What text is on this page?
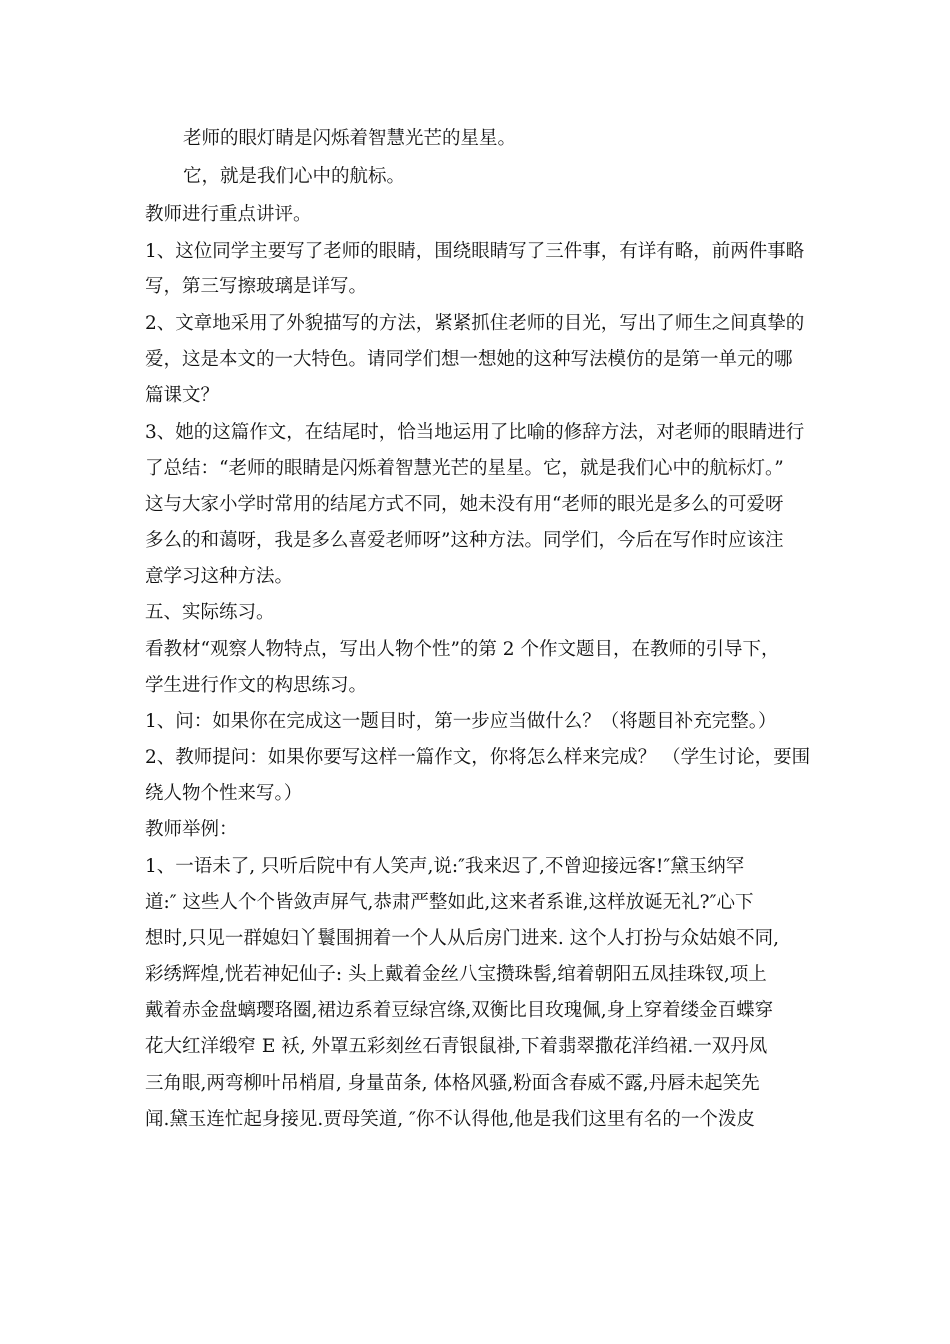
老师的眼灯睛是闪烁着智慧光芒的星星。
它，就是我们心中的航标。
教师进行重点讲评。
1、这位同学主要写了老师的眼睛，围绕眼睛写了三件事，有详有略，前两件事略
写，第三写擦玻璃是详写。
2、文章地采用了外貌描写的方法，紧紧抓住老师的目光，写出了师生之间真挚的
爱，这是本文的一大特色。请同学们想一想她的这种写法模仿的是第一单元的哪
篇课文？
3、她的这篇作文，在结尾时，恰当地运用了比喻的修辞方法，对老师的眼睛进行
了总结：“老师的眼睛是闪烁着智慧光芒的星星。它，就是我们心中的航标灯。”
这与大家小学时常用的结尾方式不同，她未没有用“老师的眼光是多么的可爱呀
多么的和蔼呀，我是多么喜爱老师呀”这种方法。同学们，今后在写作时应该注
意学习这种方法。
五、实际练习。
看教材“观察人物特点，写出人物个性”的第 2 个作文题目，在教师的引导下，
学生进行作文的构思练习。
1、问：如果你在完成这一题目时，第一步应当做什么？（将题目补充完整。）
2、教师提问：如果你要写这样一篇作文，你将怎么样来完成？ （学生讨论，要围
绕人物个性来写。）
教师举例：
1、一语未了, 只听后院中有人笑声,说:″我来迟了,不曾迎接远客!″黛玉纳罕
道:″ 这些人个个皆敛声屏气,恭肃严整如此,这来者系谁,这样放诞无礼?″心下
想时,只见一群媳妇丫鬟围拥着一个人从后房门进来. 这个人打扮与众姑娘不同,
彩绣辉煌,恍若神妃仙子: 头上戴着金丝八宝攒珠髻,绾着朝阳五凤挂珠钗,项上
戴着赤金盘螭璎珞圈,裙边系着豆绿宫绦,双衡比目玫瑰佩,身上穿着缕金百蝶穿
花大红洋缎窄 E 袄, 外罩五彩刻丝石青银鼠褂,下着翡翠撒花洋绉裙.一双丹凤
三角眼,两弯柳叶吊梢眉, 身量苗条, 体格风骚,粉面含春威不露,丹唇未起笑先
闻.黛玉连忙起身接见.贾母笑道, ″你不认得他,他是我们这里有名的一个泼皮
